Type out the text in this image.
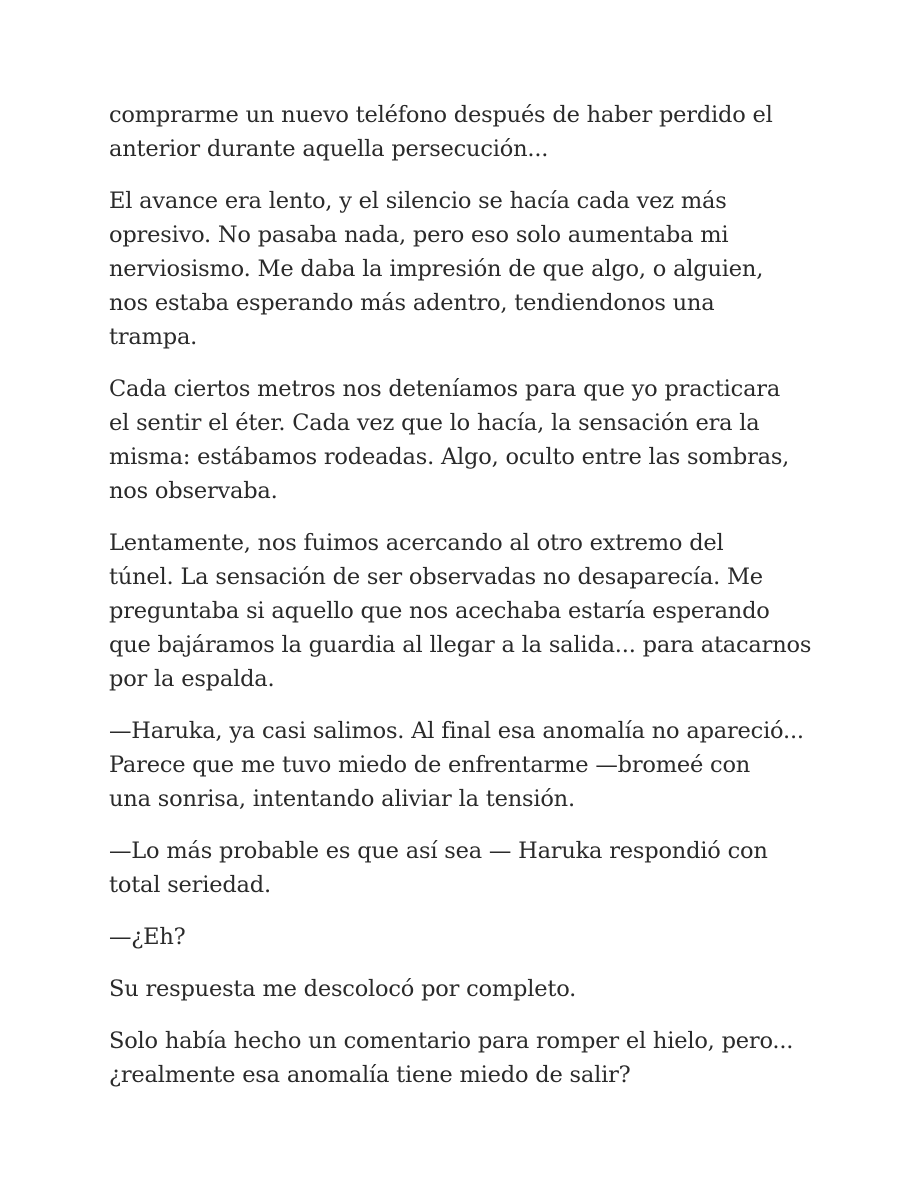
comprarme un nuevo teléfono después de haber perdido el
anterior durante aquella persecución...

El avance era lento, y el silencio se hacía cada vez más
opresivo. No pasaba nada, pero eso solo aumentaba mi
nerviosismo. Me daba la impresión de que algo, o alguien,
nos estaba esperando más adentro, tendiendonos una
trampa.

Cada ciertos metros nos deteníamos para que yo practicara
el sentir el éter. Cada vez que lo hacía, la sensación era la
misma: estábamos rodeadas. Algo, oculto entre las sombras,
nos observaba.

Lentamente, nos fuimos acercando al otro extremo del
túnel. La sensación de ser observadas no desaparecía. Me
preguntaba si aquello que nos acechaba estaría esperando
que bajáramos la guardia al llegar a la salida... para atacarnos
por la espalda.

—Haruka, ya casi salimos. Al final esa anomalía no apareció...
Parece que me tuvo miedo de enfrentarme —bromeé con
una sonrisa, intentando aliviar la tensión.

—Lo más probable es que así sea — Haruka respondió con
total seriedad.

—¿Eh?

Su respuesta me descolocó por completo.

Solo había hecho un comentario para romper el hielo, pero...
¿realmente esa anomalía tiene miedo de salir?
